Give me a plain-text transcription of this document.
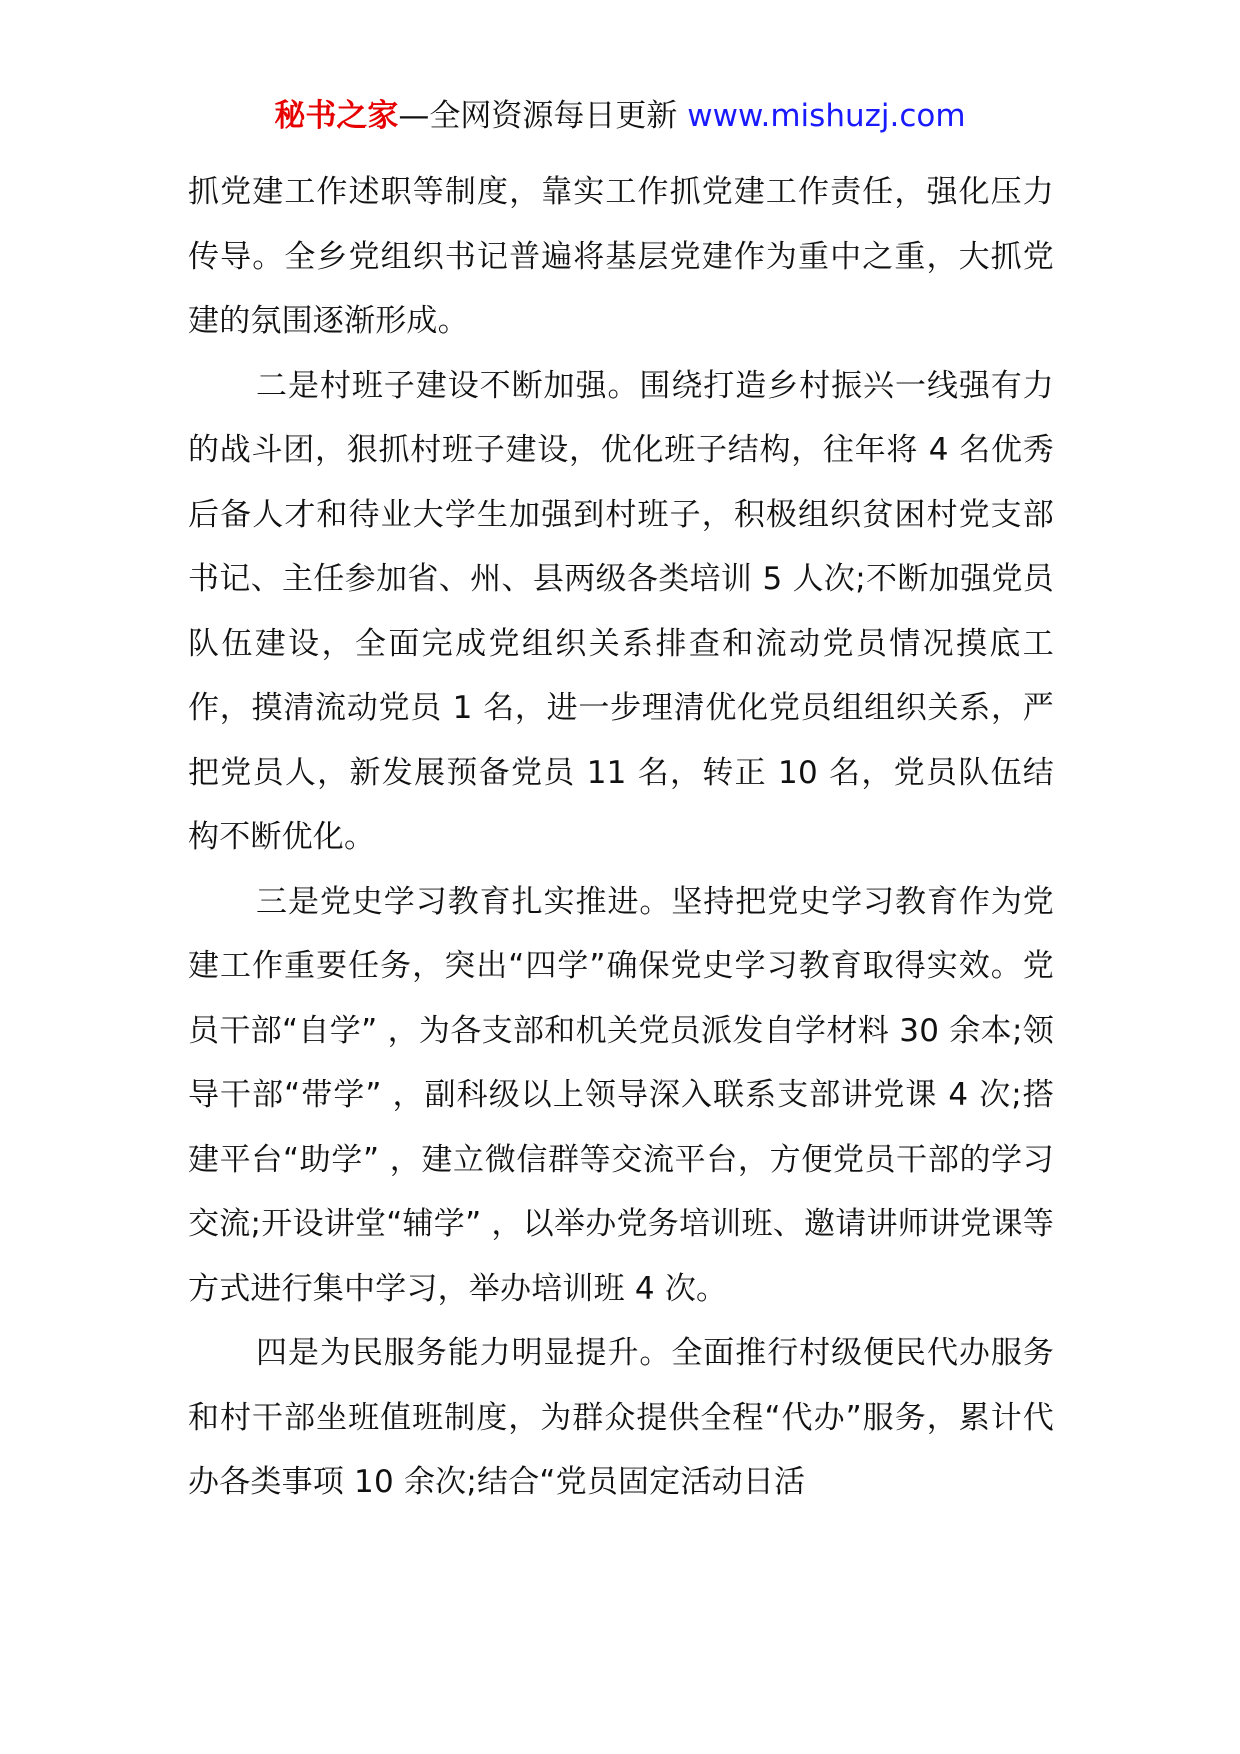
秘书之家—全网资源每日更新 www.mishuzj.com

抓党建工作述职等制度，靠实工作抓党建工作责任，强化压力传导。全乡党组织书记普遍将基层党建作为重中之重，大抓党建的氛围逐渐形成。

二是村班子建设不断加强。围绕打造乡村振兴一线强有力的战斗团，狠抓村班子建设，优化班子结构，往年将 4 名优秀后备人才和待业大学生加强到村班子，积极组织贫困村党支部书记、主任参加省、州、县两级各类培训 5 人次;不断加强党员队伍建设，全面完成党组织关系排查和流动党员情况摸底工作，摸清流动党员 1 名，进一步理清优化党员组组织关系，严把党员人，新发展预备党员 11 名，转正 10 名，党员队伍结构不断优化。

三是党史学习教育扎实推进。坚持把党史学习教育作为党建工作重要任务，突出“四学”确保党史学习教育取得实效。党员干部“自学” ，为各支部和机关党员派发自学材料 30 余本;领导干部“带学” ，副科级以上领导深入联系支部讲党课 4 次;搭建平台“助学” ，建立微信群等交流平台，方便党员干部的学习交流;开设讲堂“辅学” ，以举办党务培训班、邀请讲师讲党课等方式进行集中学习，举办培训班 4 次。

四是为民服务能力明显提升。全面推行村级便民代办服务和村干部坐班值班制度，为群众提供全程“代办”服务，累计代办各类事项 10 余次;结合“党员固定活动日活
